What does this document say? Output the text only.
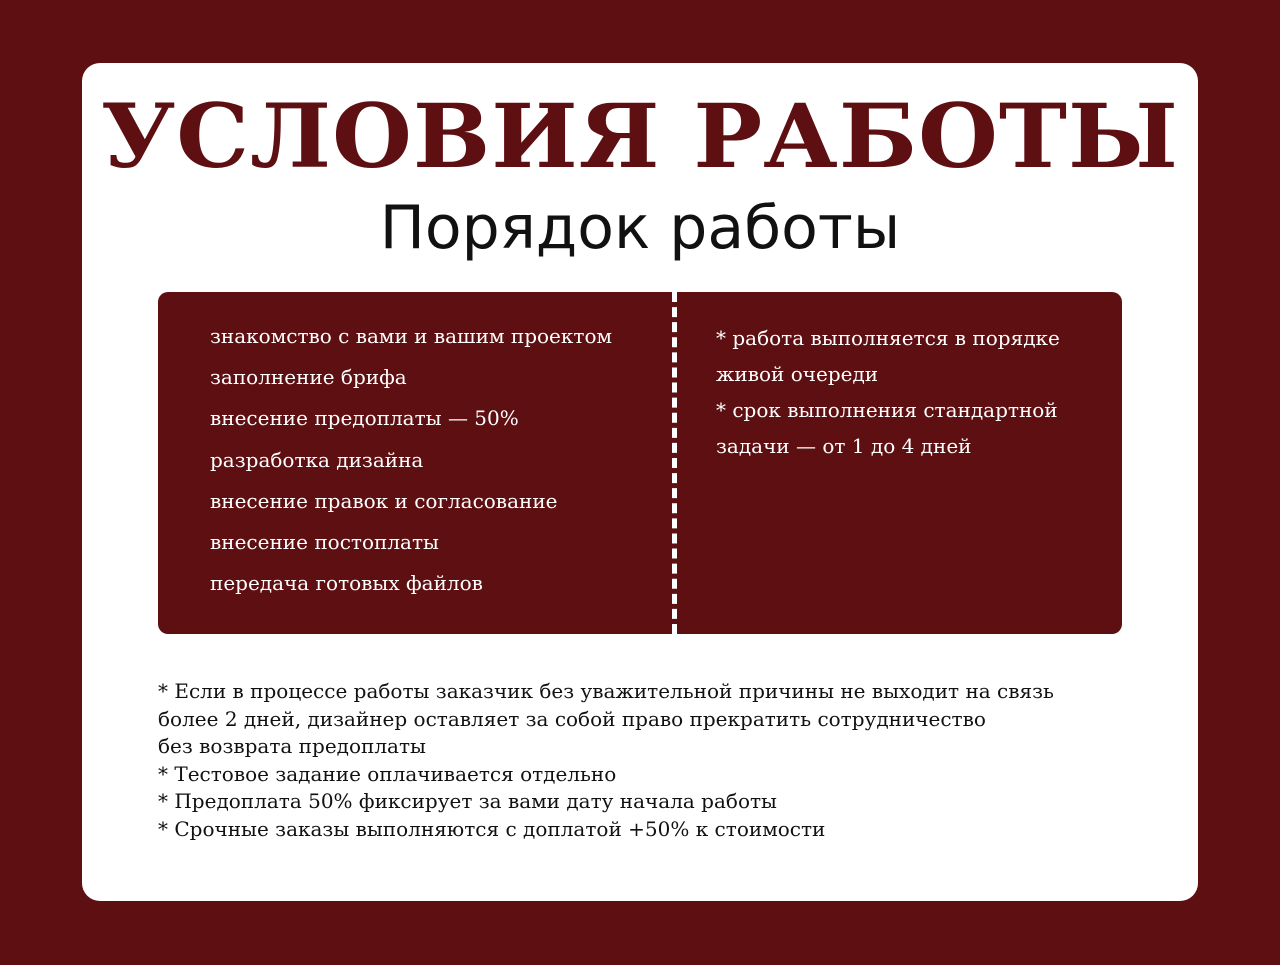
УСЛОВИЯ РАБОТЫ
Порядок работы
знакомство с вами и вашим проектом
заполнение брифа
внесение предоплаты — 50%
разработка дизайна
внесение правок и согласование
внесение постоплаты
передача готовых файлов

* работа выполняется в порядке живой очереди

* срок выполнения стандартной задачи — от 1 до 4 дней

* Если в процессе работы заказчик без уважительной причины не выходит на связь

более 2 дней, дизайнер оставляет за собой право прекратить сотрудничество

без возврата предоплаты

* Тестовое задание оплачивается отдельно

* Предоплата 50% фиксирует за вами дату начала работы

* Срочные заказы выполняются с доплатой +50% к стоимости
